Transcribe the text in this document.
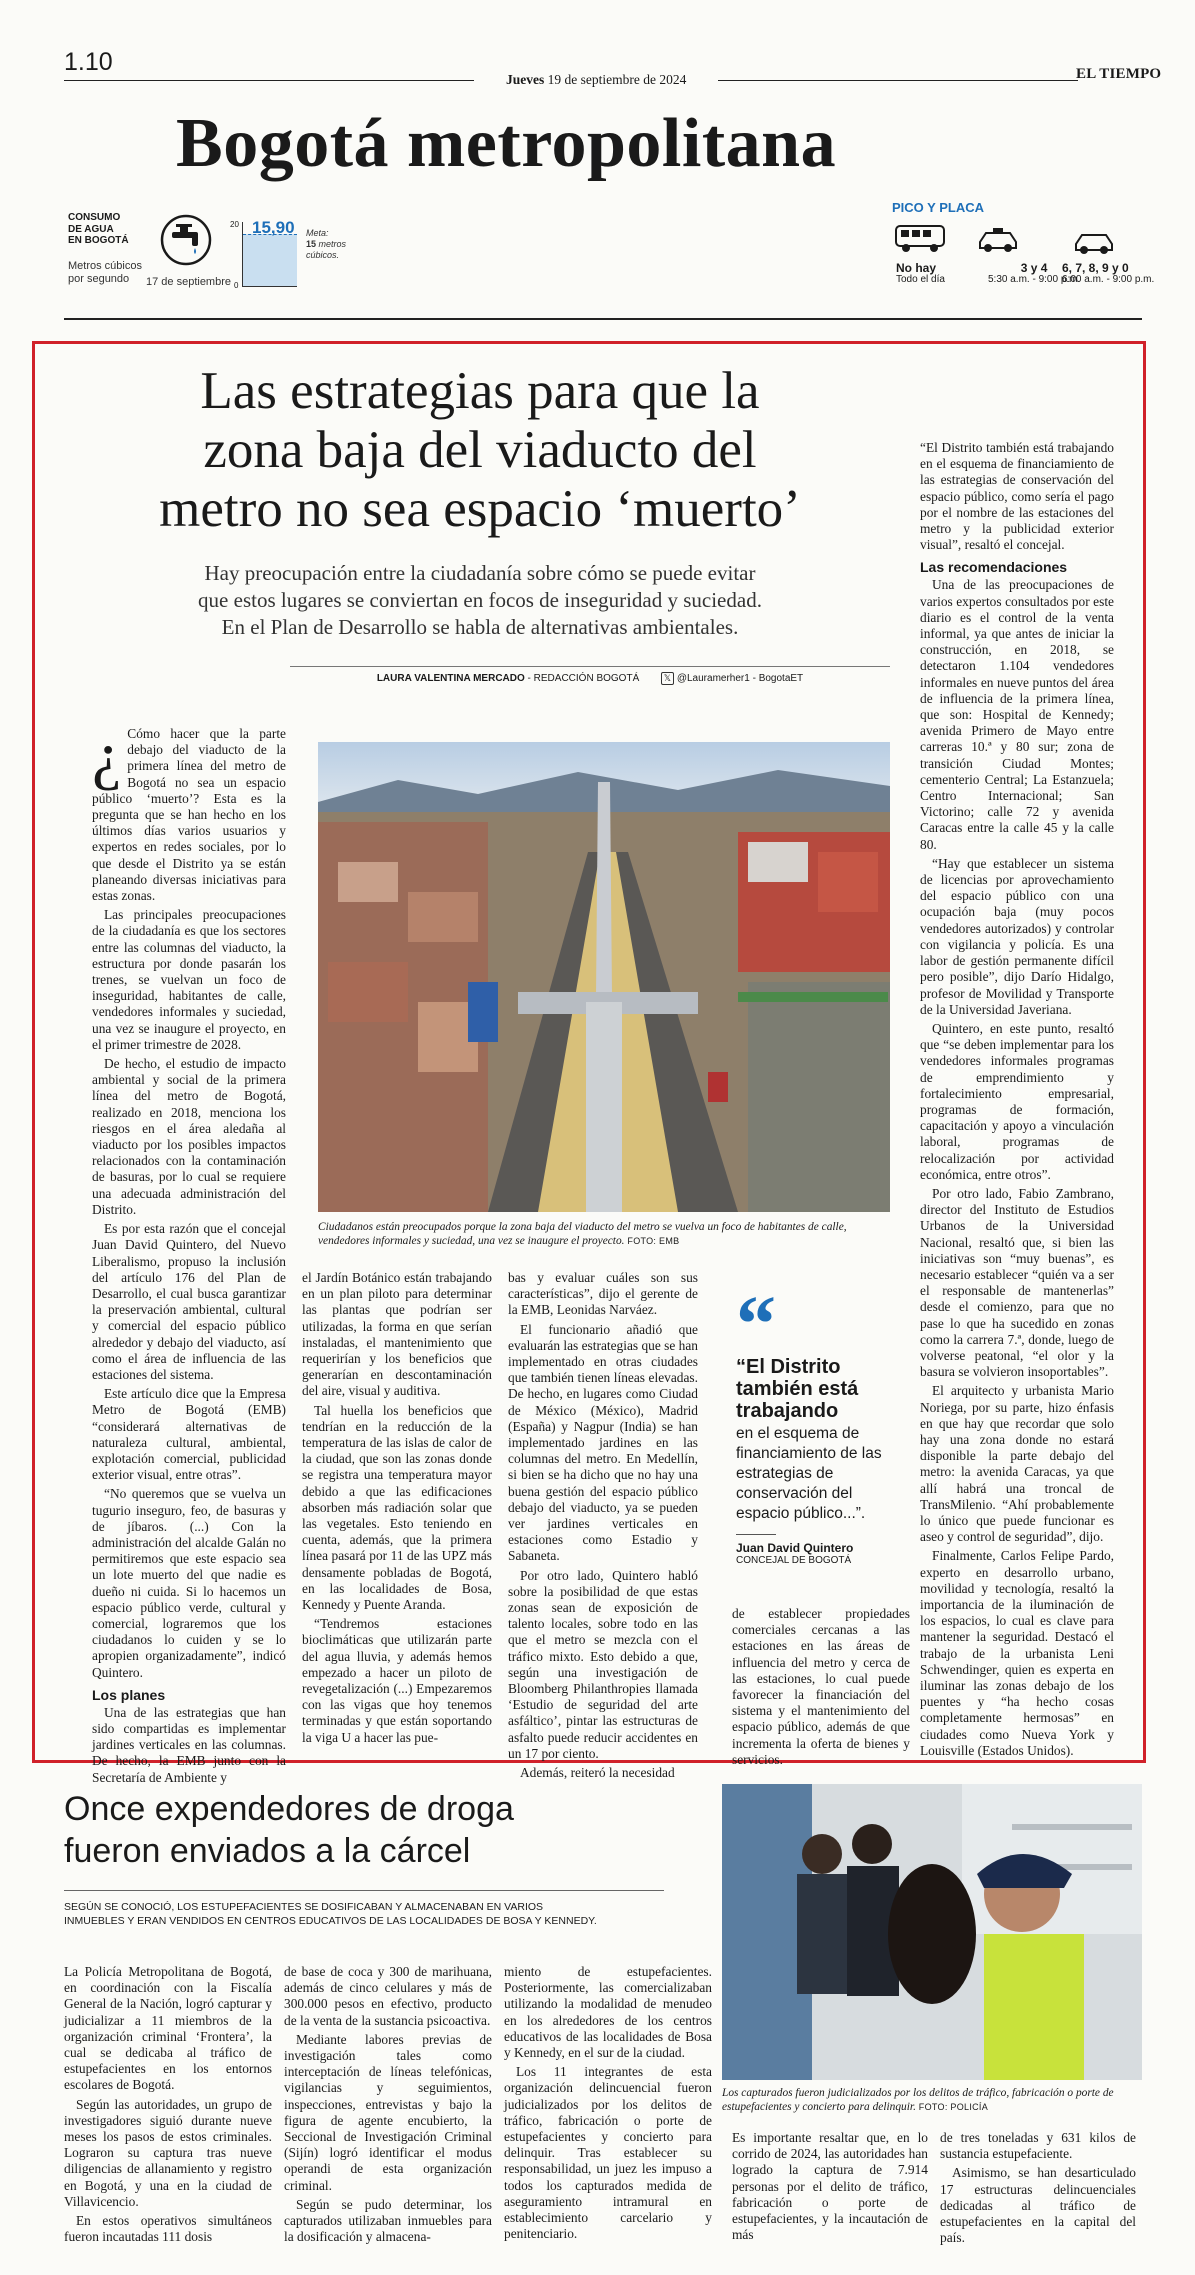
1.10
Jueves 19 de septiembre de 2024	EL TIEMPO
Bogotá metropolitana
CONSUMO
DE AGUA
EN BOGOTÁ
Metros cúbicos
por segundo	17 de septiembre
20
0
15,90 Meta:
15 metros
cúbicos.
PICO Y PLACA
No hay
Todo el día
3 y 4
5:30 a.m. - 9:00 p.m.
6, 7, 8, 9 y 0
6:00 a.m. - 9:00 p.m.
Las estrategias para que la
zona baja del viaducto del
metro no sea espacio ‘muerto’
Hay preocupación entre la ciudadanía sobre cómo se puede evitar
que estos lugares se conviertan en focos de inseguridad y suciedad.
En el Plan de Desarrollo se habla de alternativas ambientales.
LAURA VALENTINA MERCADO - REDACCIÓN BOGOTÁ	𝕏 @Lauramerher1 - BogotaET

¿ Cómo hacer que la parte debajo del viaducto de la primera línea del metro de Bogotá no sea un espacio público ‘muerto’? Esta es la pregunta que se han hecho en los últimos días varios usuarios y expertos en redes sociales, por lo que desde el Distrito ya se están planeando diversas iniciativas para estas zonas.

Las principales preocupaciones de la ciudadanía es que los sectores entre las columnas del viaducto, la estructura por donde pasarán los trenes, se vuelvan un foco de inseguridad, habitantes de calle, vendedores informales y suciedad, una vez se inaugure el proyecto, en el primer trimestre de 2028.

De hecho, el estudio de impacto ambiental y social de la primera línea del metro de Bogotá, realizado en 2018, menciona los riesgos en el área aledaña al viaducto por los posibles impactos relacionados con la contaminación de basuras, por lo cual se requiere una adecuada administración del Distrito.

Es por esta razón que el concejal Juan David Quintero, del Nuevo Liberalismo, propuso la inclusión del artículo 176 del Plan de Desarrollo, el cual busca garantizar la preservación ambiental, cultural y comercial del espacio público alrededor y debajo del viaducto, así como el área de influencia de las estaciones del sistema.

Este artículo dice que la Empresa Metro de Bogotá (EMB) “considerará alternativas de naturaleza cultural, ambiental, explotación comercial, publicidad exterior visual, entre otras”.

“No queremos que se vuelva un tugurio inseguro, feo, de basuras y de jíbaros. (...) Con la administración del alcalde Galán no permitiremos que este espacio sea un lote muerto del que nadie es dueño ni cuida. Si lo hacemos un espacio público verde, cultural y comercial, lograremos que los ciudadanos lo cuiden y se lo apropien organizadamente”, indicó Quintero.

Los planes

Una de las estrategias que han sido compartidas es implementar jardines verticales en las columnas. De hecho, la EMB junto con la Secretaría de Ambiente y

Ciudadanos están preocupados porque la zona baja del viaducto del metro se vuelva un foco de habitantes de calle, vendedores informales y suciedad, una vez se inaugure el proyecto. FOTO: EMB

el Jardín Botánico están trabajando en un plan piloto para determinar las plantas que podrían ser utilizadas, la forma en que serían instaladas, el mantenimiento que requerirían y los beneficios que generarían en descontaminación del aire, visual y auditiva.

Tal huella los beneficios que tendrían en la reducción de la temperatura de las islas de calor de la ciudad, que son las zonas donde se registra una temperatura mayor debido a que las edificaciones absorben más radiación solar que las vegetales. Esto teniendo en cuenta, además, que la primera línea pasará por 11 de las UPZ más densamente pobladas de Bogotá, en las localidades de Bosa, Kennedy y Puente Aranda.

“Tendremos estaciones bioclimáticas que utilizarán parte del agua lluvia, y además hemos empezado a hacer un piloto de revegetalización (...) Empezaremos con las vigas que hoy tenemos terminadas y que están soportando la viga U a hacer las pue-

bas y evaluar cuáles son sus características”, dijo el gerente de la EMB, Leonidas Narváez.

El funcionario añadió que evaluarán las estrategias que se han implementado en otras ciudades que también tienen líneas elevadas. De hecho, en lugares como Ciudad de México (México), Madrid (España) y Nagpur (India) se han implementado jardines en las columnas del metro. En Medellín, si bien se ha dicho que no hay una buena gestión del espacio público debajo del viaducto, ya se pueden ver jardines verticales en estaciones como Estadio y Sabaneta.

Por otro lado, Quintero habló sobre la posibilidad de que estas zonas sean de exposición de talento locales, sobre todo en las que el metro se mezcla con el tráfico mixto. Esto debido a que, según una investigación de Bloomberg Philanthropies llamada ‘Estudio de seguridad del arte asfáltico’, pintar las estructuras de asfalto puede reducir accidentes en un 17 por ciento.

Además, reiteró la necesidad

“
“El Distrito
también está
trabajando
en el esquema de financiamiento de las estrategias de conservación del espacio público...”.
Juan David Quintero
CONCEJAL DE BOGOTÁ

de establecer propiedades comerciales cercanas a las estaciones en las áreas de influencia del metro y cerca de las estaciones, lo cual puede favorecer la financiación del sistema y el mantenimiento del espacio público, además de que incrementa la oferta de bienes y servicios.

“El Distrito también está trabajando en el esquema de financiamiento de las estrategias de conservación del espacio público, como sería el pago por el nombre de las estaciones del metro y la publicidad exterior visual”, resaltó el concejal.

Las recomendaciones

Una de las preocupaciones de varios expertos consultados por este diario es el control de la venta informal, ya que antes de iniciar la construcción, en 2018, se detectaron 1.104 vendedores informales en nueve puntos del área de influencia de la primera línea, que son: Hospital de Kennedy; avenida Primero de Mayo entre carreras 10.ª y 80 sur; zona de transición Ciudad Montes; cementerio Central; La Estanzuela; Centro Internacional; San Victorino; calle 72 y avenida Caracas entre la calle 45 y la calle 80.

“Hay que establecer un sistema de licencias por aprovechamiento del espacio público con una ocupación baja (muy pocos vendedores autorizados) y controlar con vigilancia y policía. Es una labor de gestión permanente difícil pero posible”, dijo Darío Hidalgo, profesor de Movilidad y Transporte de la Universidad Javeriana.

Quintero, en este punto, resaltó que “se deben implementar para los vendedores informales programas de emprendimiento y fortalecimiento empresarial, programas de formación, capacitación y apoyo a vinculación laboral, programas de relocalización por actividad económica, entre otros”.

Por otro lado, Fabio Zambrano, director del Instituto de Estudios Urbanos de la Universidad Nacional, resaltó que, si bien las iniciativas son “muy buenas”, es necesario establecer “quién va a ser el responsable de mantenerlas” desde el comienzo, para que no pase lo que ha sucedido en zonas como la carrera 7.ª, donde, luego de volverse peatonal, “el olor y la basura se volvieron insoportables”.

El arquitecto y urbanista Mario Noriega, por su parte, hizo énfasis en que hay que recordar que solo hay una zona donde no estará disponible la parte debajo del metro: la avenida Caracas, ya que allí habrá una troncal de TransMilenio. “Ahí probablemente lo único que puede funcionar es aseo y control de seguridad”, dijo.

Finalmente, Carlos Felipe Pardo, experto en desarrollo urbano, movilidad y tecnología, resaltó la importancia de la iluminación de los espacios, lo cual es clave para mantener la seguridad. Destacó el trabajo de la urbanista Leni Schwendinger, quien es experta en iluminar las zonas debajo de los puentes y “ha hecho cosas completamente hermosas” en ciudades como Nueva York y Louisville (Estados Unidos).

Once expendedores de droga
fueron enviados a la cárcel
SEGÚN SE CONOCIÓ, LOS ESTUPEFACIENTES SE DOSIFICABAN Y ALMACENABAN EN VARIOS
INMUEBLES Y ERAN VENDIDOS EN CENTROS EDUCATIVOS DE LAS LOCALIDADES DE BOSA Y KENNEDY.
Los capturados fueron judicializados por los delitos de tráfico, fabricación o porte de estupefacientes y concierto para delinquir. FOTO: POLICÍA

La Policía Metropolitana de Bogotá, en coordinación con la Fiscalía General de la Nación, logró capturar y judicializar a 11 miembros de la organización criminal ‘Frontera’, la cual se dedicaba al tráfico de estupefacientes en los entornos escolares de Bogotá.

Según las autoridades, un grupo de investigadores siguió durante nueve meses los pasos de estos criminales. Lograron su captura tras nueve diligencias de allanamiento y registro en Bogotá, y una en la ciudad de Villavicencio.

En estos operativos simultáneos fueron incautadas 111 dosis

de base de coca y 300 de marihuana, además de cinco celulares y más de 300.000 pesos en efectivo, producto de la venta de la sustancia psicoactiva.

Mediante labores previas de investigación tales como interceptación de líneas telefónicas, vigilancias y seguimientos, inspecciones, entrevistas y bajo la figura de agente encubierto, la Seccional de Investigación Criminal (Sijín) logró identificar el modus operandi de esta organización criminal.

Según se pudo determinar, los capturados utilizaban inmuebles para la dosificación y almacena-

miento de estupefacientes. Posteriormente, las comercializaban utilizando la modalidad de menudeo en los alrededores de los centros educativos de las localidades de Bosa y Kennedy, en el sur de la ciudad.

Los 11 integrantes de esta organización delincuencial fueron judicializados por los delitos de tráfico, fabricación o porte de estupefacientes y concierto para delinquir. Tras establecer su responsabilidad, un juez les impuso a todos los capturados medida de aseguramiento intramural en establecimiento carcelario y penitenciario.

Es importante resaltar que, en lo corrido de 2024, las autoridades han logrado la captura de 7.914 personas por el delito de tráfico, fabricación o porte de estupefacientes, y la incautación de más

de tres toneladas y 631 kilos de sustancia estupefaciente.

Asimismo, se han desarticulado 17 estructuras delincuenciales dedicadas al tráfico de estupefacientes en la capital del país.
